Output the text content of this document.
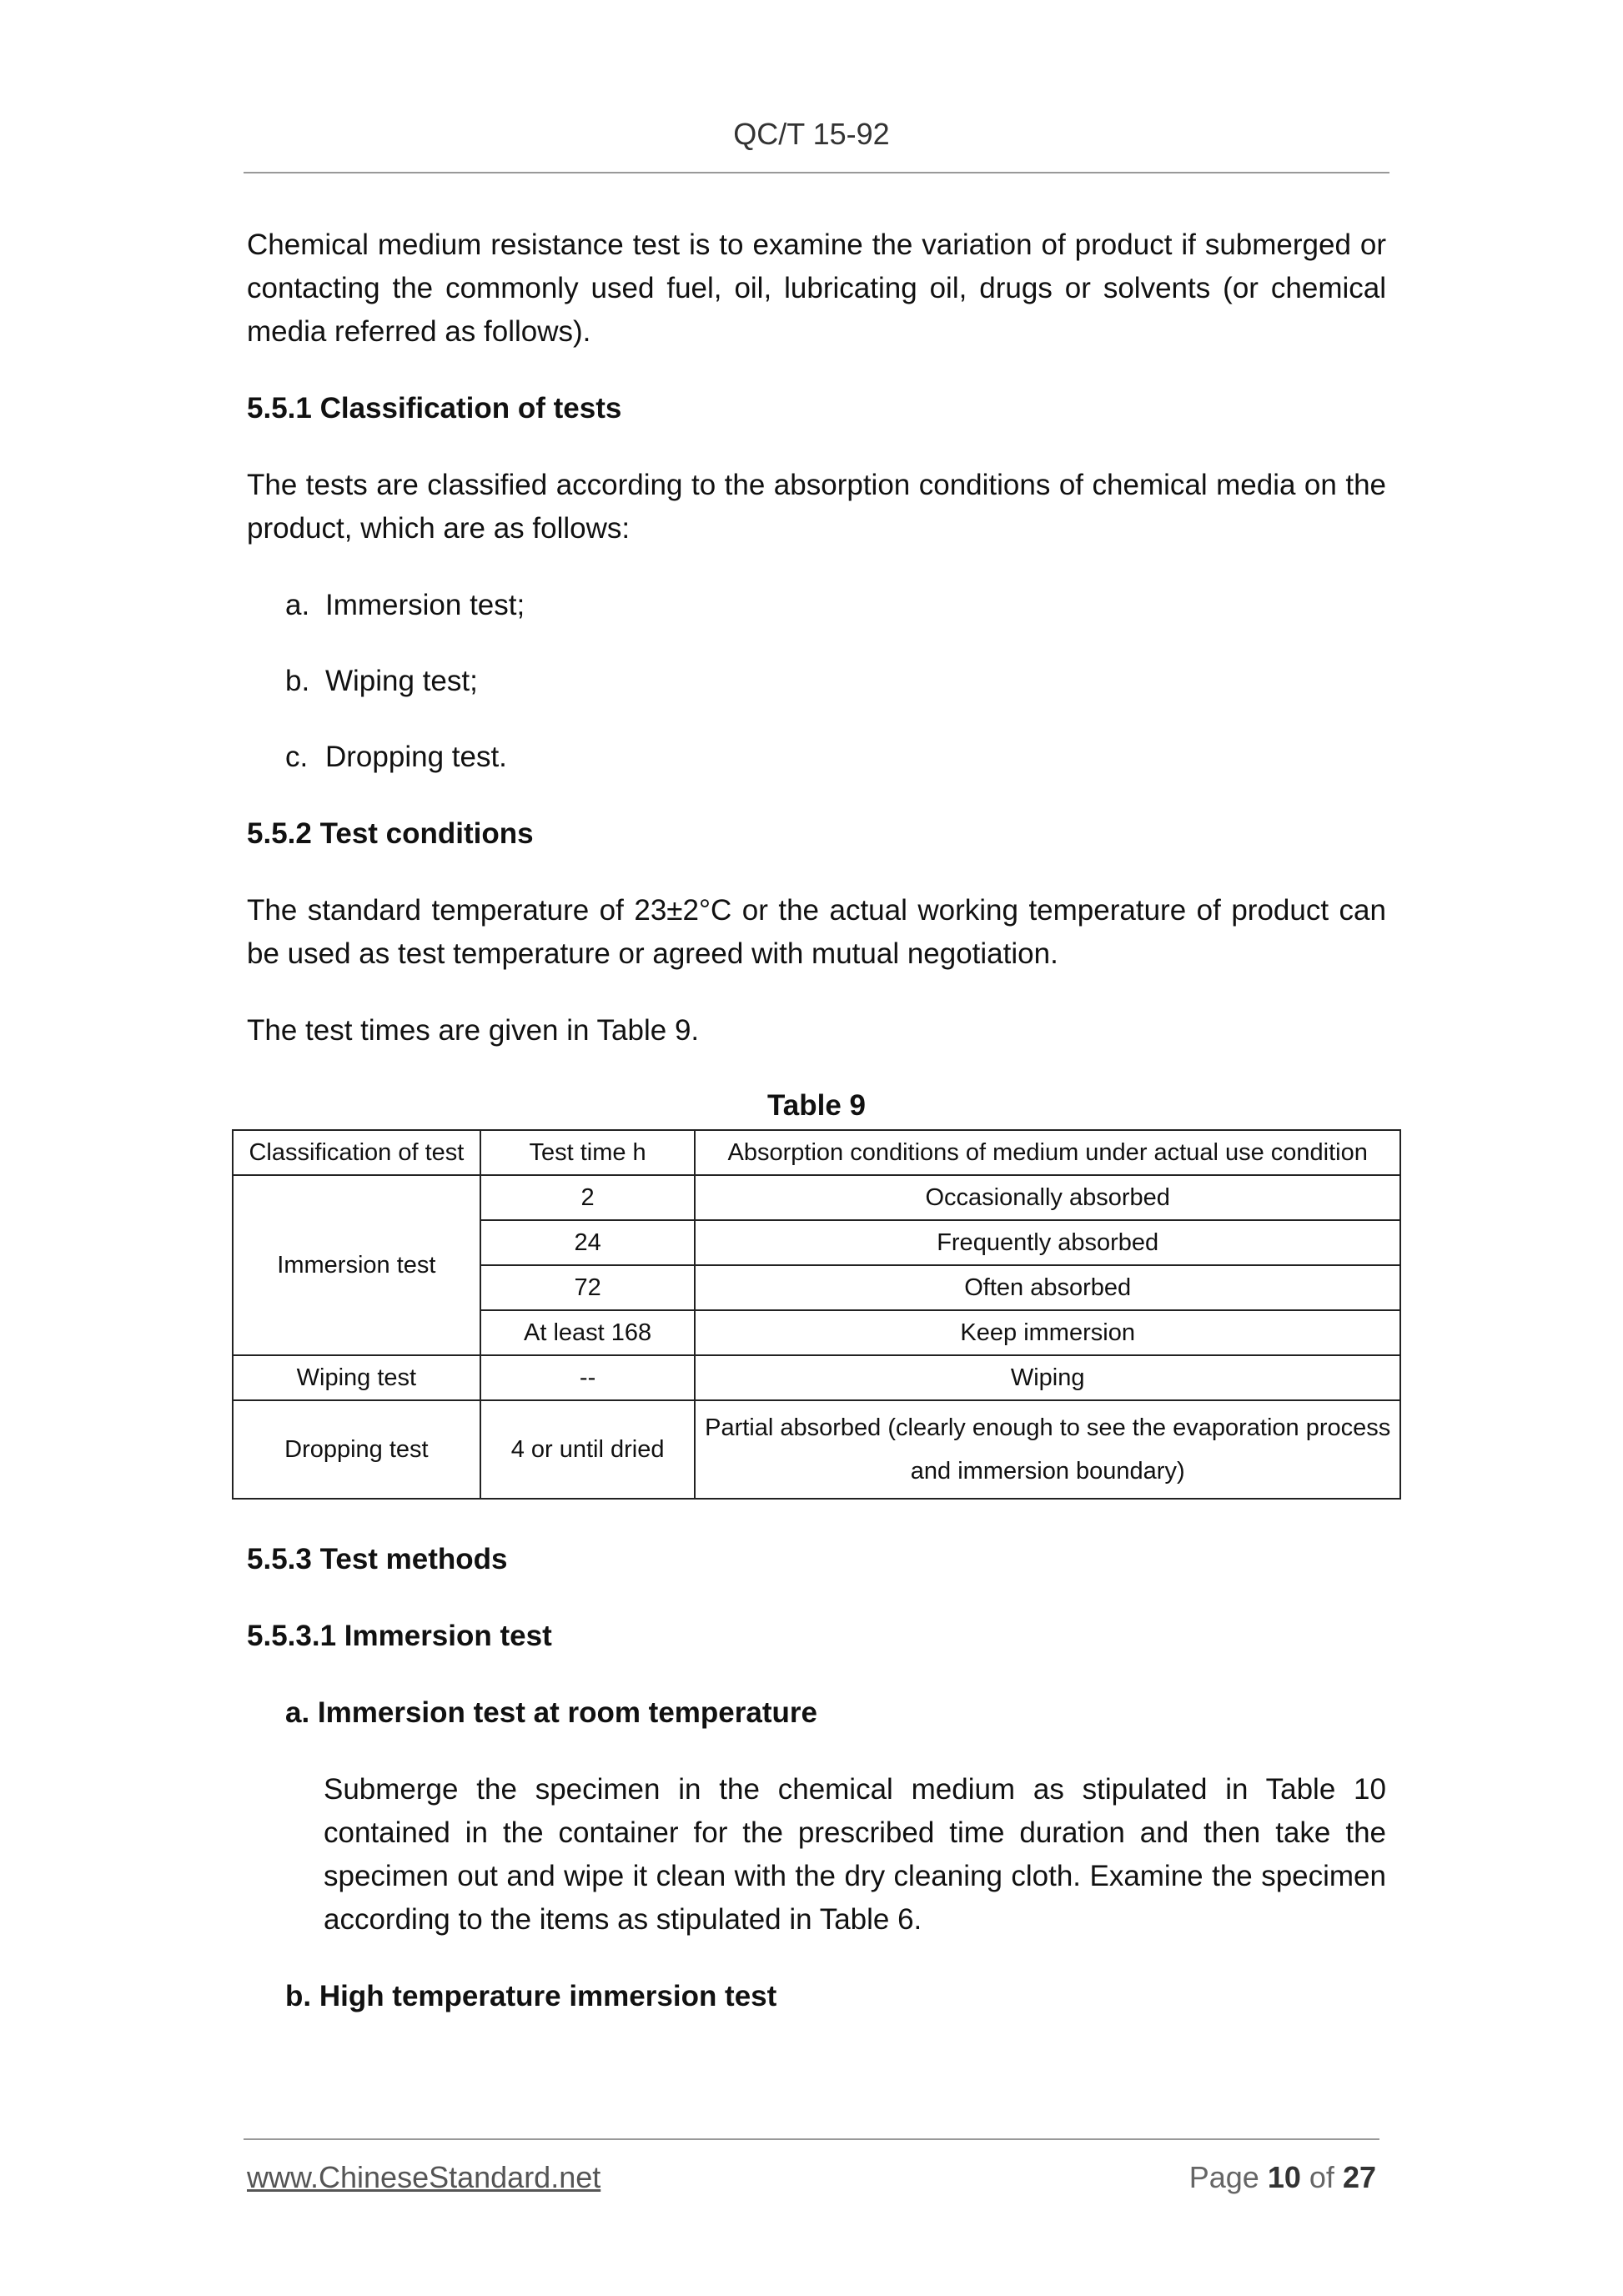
QC/T 15-92

Chemical medium resistance test is to examine the variation of product if submerged or contacting the commonly used fuel, oil, lubricating oil, drugs or solvents (or chemical media referred as follows).

5.5.1 Classification of tests

The tests are classified according to the absorption conditions of chemical media on the product, which are as follows:

a. Immersion test;
b. Wiping test;
c. Dropping test.
5.5.2 Test conditions

The standard temperature of 23±2°C or the actual working temperature of product can be used as test temperature or agreed with mutual negotiation.

The test times are given in Table 9.

Table 9
Classification of test	Test time h	Absorption conditions of medium under actual use condition
Immersion test	2	Occasionally absorbed
	24	Frequently absorbed
	72	Often absorbed
	At least 168	Keep immersion
Wiping test	--	Wiping
Dropping test	4 or until dried	Partial absorbed (clearly enough to see the evaporation process and immersion boundary)
5.5.3 Test methods
5.5.3.1 Immersion test
a. Immersion test at room temperature

Submerge the specimen in the chemical medium as stipulated in Table 10 contained in the container for the prescribed time duration and then take the specimen out and wipe it clean with the dry cleaning cloth. Examine the specimen according to the items as stipulated in Table 6.

b. High temperature immersion test
www.ChineseStandard.net	Page 10 of 27
